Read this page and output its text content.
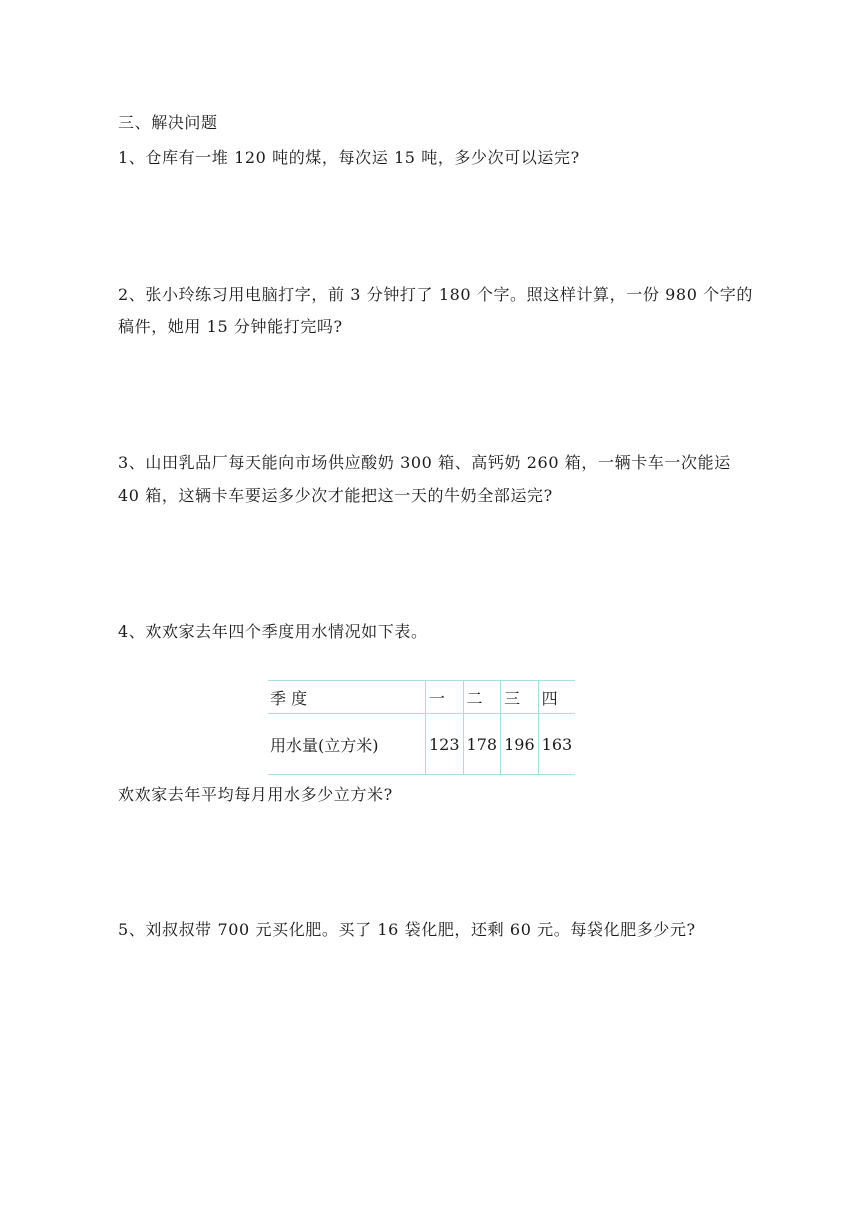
三、解决问题
1、仓库有一堆 120 吨的煤，每次运 15 吨，多少次可以运完?
2、张小玲练习用电脑打字，前 3 分钟打了 180 个字。照这样计算，一份 980 个字的
稿件，她用 15 分钟能打完吗?
3、山田乳品厂每天能向市场供应酸奶 300 箱、高钙奶 260 箱，一辆卡车一次能运
40 箱，这辆卡车要运多少次才能把这一天的牛奶全部运完?
4、欢欢家去年四个季度用水情况如下表。
季 度	一	二	三	四
用水量(立方米)	123	178	196	163
欢欢家去年平均每月用水多少立方米?
5、刘叔叔带 700 元买化肥。买了 16 袋化肥，还剩 60 元。每袋化肥多少元?
